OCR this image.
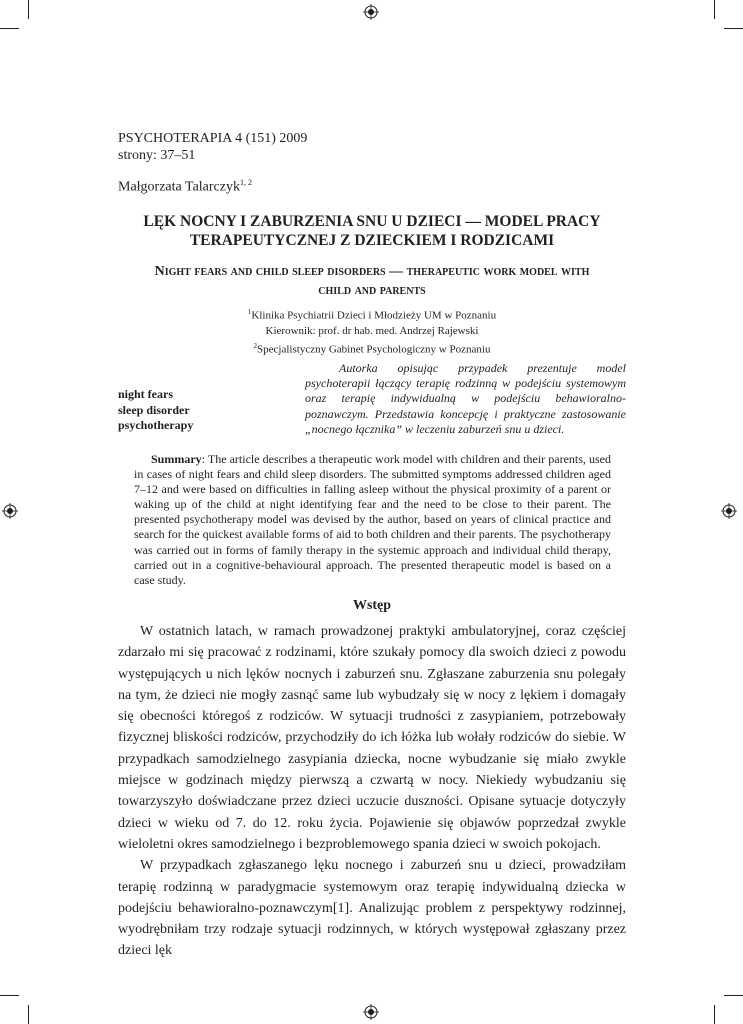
PSYCHOTERAPIA 4 (151) 2009
strony: 37–51
Małgorzata Talarczyk$^{1, 2}$
LĘK NOCNY I ZABURZENIA SNU U DZIECI — MODEL PRACY
TERAPEUTYCZNEJ Z DZIECKIEM I RODZICAMI
Night fears and child sleep disorders — therapeutic work model with
child and parents
$^1$Klinika Psychiatrii Dzieci i Młodzieży UM w Poznaniu
Kierownik: prof. dr hab. med. Andrzej Rajewski
$^2$Specjalistyczny Gabinet Psychologiczny w Poznaniu
night fears
sleep disorder
psychotherapy
Autorka opisując przypadek prezentuje model psychoterapii łączący terapię rodzinną w podejściu systemowym oraz terapię indywidualną w podejściu behawioralno-poznawczym. Przedstawia koncepcję i praktyczne zastosowanie „nocnego łącznika” w leczeniu zaburzeń snu u dzieci.
Summary: The article describes a therapeutic work model with children and their parents, used in cases of night fears and child sleep disorders. The submitted symptoms addressed children aged 7–12 and were based on difficulties in falling asleep without the physical proximity of a parent or waking up of the child at night identifying fear and the need to be close to their parent. The presented psychotherapy model was devised by the author, based on years of clinical practice and search for the quickest available forms of aid to both children and their parents. The psychotherapy was carried out in forms of family therapy in the systemic approach and individual child therapy, carried out in a cognitive-behavioural approach. The presented therapeutic model is based on a case study.
Wstęp

W ostatnich latach, w ramach prowadzonej praktyki ambulatoryjnej, coraz częściej zdarzało mi się pracować z rodzinami, które szukały pomocy dla swoich dzieci z powodu występujących u nich lęków nocnych i zaburzeń snu. Zgłaszane zaburzenia snu polegały na tym, że dzieci nie mogły zasnąć same lub wybudzały się w nocy z lękiem i domagały się obecności któregoś z rodziców. W sytuacji trudności z zasypianiem, potrzebowały fizycznej bliskości rodziców, przychodziły do ich łóżka lub wołały rodziców do siebie. W przypadkach samodzielnego zasypiania dziecka, nocne wybudzanie się miało zwykle miejsce w godzinach między pierwszą a czwartą w nocy. Niekiedy wybudzaniu się towarzyszyło doświadczane przez dzieci uczucie duszności. Opisane sytuacje dotyczyły dzieci w wieku od 7. do 12. roku życia. Pojawienie się objawów poprzedzał zwykle wieloletni okres samodzielnego i bezproblemowego spania dzieci w swoich pokojach.

W przypadkach zgłaszanego lęku nocnego i zaburzeń snu u dzieci, prowadziłam terapię rodzinną w paradygmacie systemowym oraz terapię indywidualną dziecka w podejściu behawioralno-poznawczym[1]. Analizując problem z perspektywy rodzinnej, wyodrębniłam trzy rodzaje sytuacji rodzinnych, w których występował zgłaszany przez dzieci lęk
